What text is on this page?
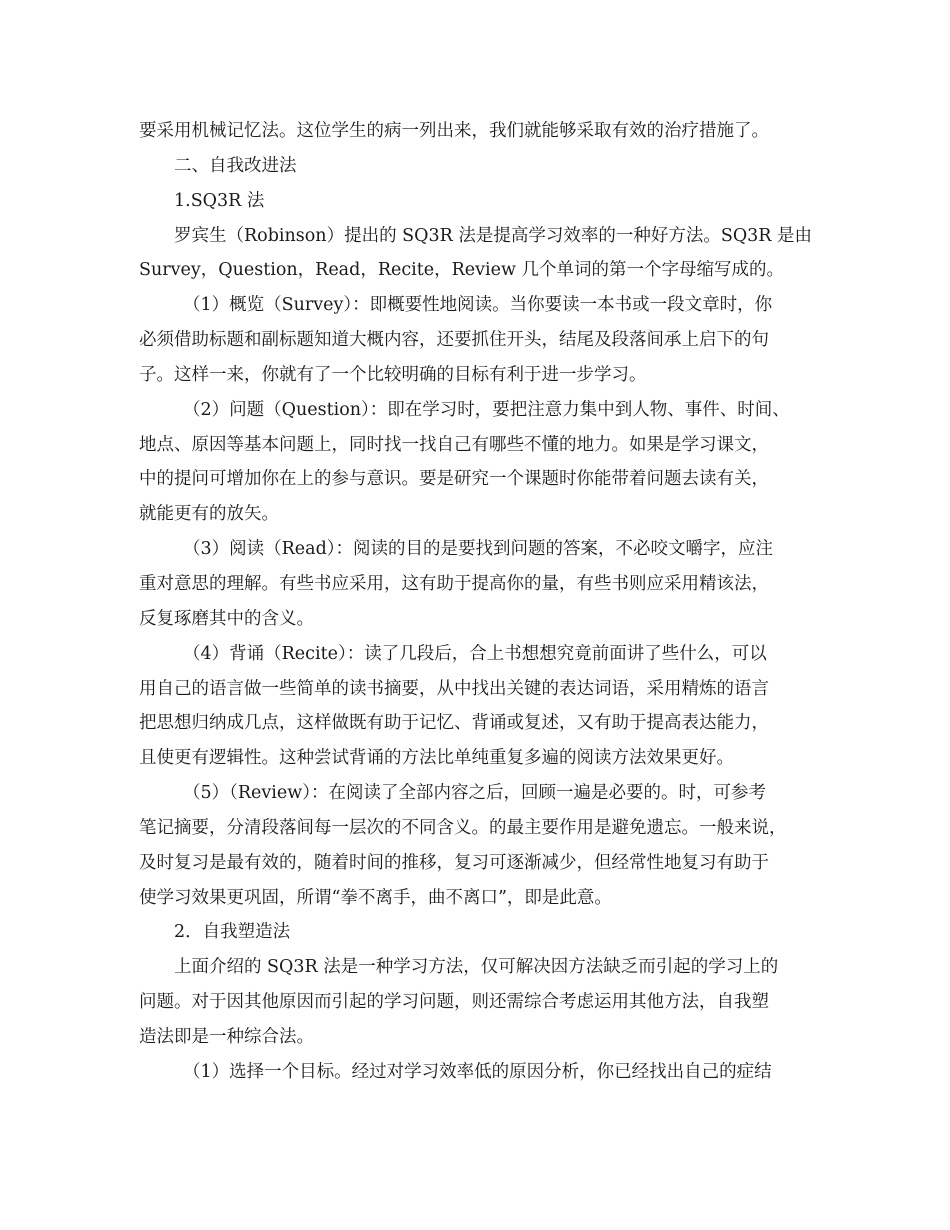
要采用机械记忆法。这位学生的病一列出来，我们就能够采取有效的治疗措施了。
二、自我改进法
1.SQ3R 法
罗宾生（Robinson）提出的 SQ3R 法是提高学习效率的一种好方法。SQ3R 是由
Survey，Question，Read，Recite，Review 几个单词的第一个字母缩写成的。
（1）概览（Survey）：即概要性地阅读。当你要读一本书或一段文章时，你
必须借助标题和副标题知道大概内容，还要抓住开头，结尾及段落间承上启下的句
子。这样一来，你就有了一个比较明确的目标有利于进一步学习。
（2）问题（Question）：即在学习时，要把注意力集中到人物、事件、时间、
地点、原因等基本问题上，同时找一找自己有哪些不懂的地力。如果是学习课文，
中的提问可增加你在上的参与意识。要是研究一个课题时你能带着问题去读有关，
就能更有的放矢。
（3）阅读（Read）：阅读的目的是要找到问题的答案，不必咬文嚼字，应注
重对意思的理解。有些书应采用，这有助于提高你的量，有些书则应采用精该法，
反复琢磨其中的含义。
（4）背诵（Recite）：读了几段后，合上书想想究竟前面讲了些什么，可以
用自己的语言做一些简单的读书摘要，从中找出关键的表达词语，采用精炼的语言
把思想归纳成几点，这样做既有助于记忆、背诵或复述，又有助于提高表达能力，
且使更有逻辑性。这种尝试背诵的方法比单纯重复多遍的阅读方法效果更好。
（5）（Review）：在阅读了全部内容之后，回顾一遍是必要的。时，可参考
笔记摘要，分清段落间每一层次的不同含义。的最主要作用是避免遗忘。一般来说，
及时复习是最有效的，随着时间的推移，复习可逐渐减少，但经常性地复习有助于
使学习效果更巩固，所谓“拳不离手，曲不离口”，即是此意。
2．自我塑造法
上面介绍的 SQ3R 法是一种学习方法，仅可解决因方法缺乏而引起的学习上的
问题。对于因其他原因而引起的学习问题，则还需综合考虑运用其他方法，自我塑
造法即是一种综合法。
（1）选择一个目标。经过对学习效率低的原因分析，你已经找出自己的症结
